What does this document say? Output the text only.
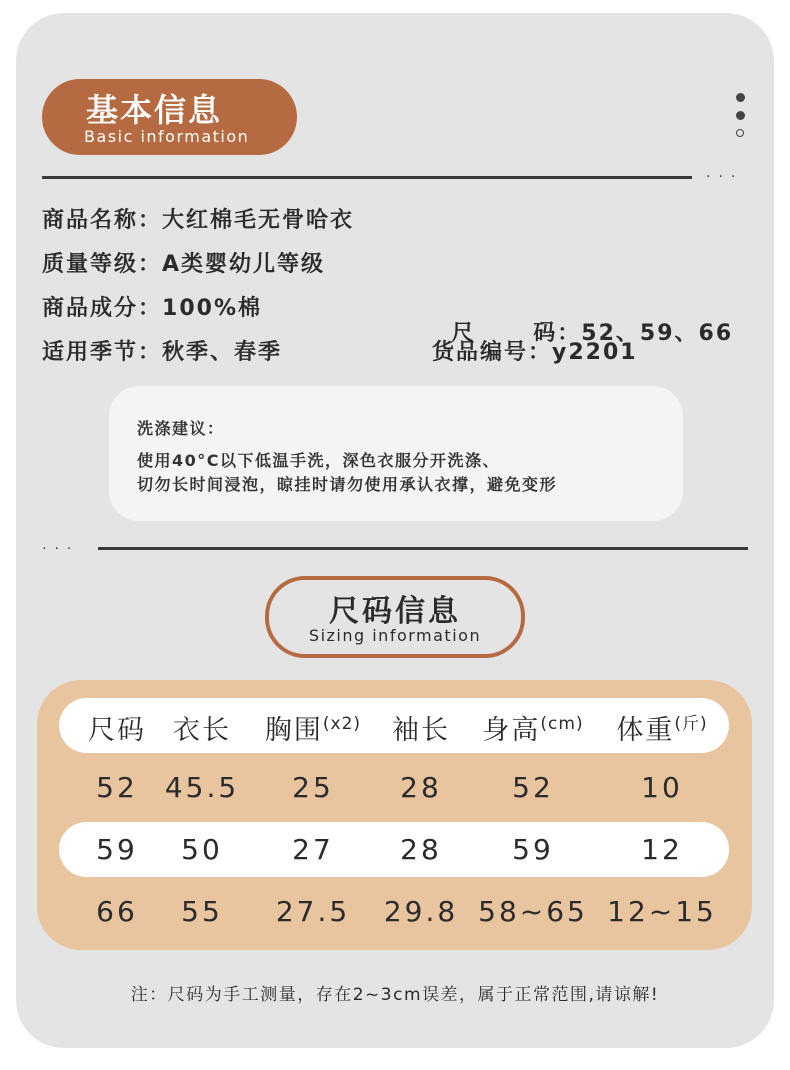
基本信息
Basic information
···
商品名称：大红棉毛无骨哈衣
质量等级：A类婴幼儿等级
商品成分：100%棉
适用季节：秋季、春季

尺      码：52、59、66

货品编号：y2201
洗涤建议：
使用40°C以下低温手洗，深色衣服分开洗涤、
切勿长时间浸泡，晾挂时请勿使用承认衣撑，避免变形
···
尺码信息
Sizing information
尺码	衣长	胸围$^{(x2)}$	袖长	身高$^{(cm)}$	体重$^{(斤)}$
52 45.5	25	28	52	10
59	50	27	28	59	12
66	55	27.5	29.8 58~65 12~15
注：尺码为手工测量，存在2~3cm误差，属于正常范围,请谅解!
